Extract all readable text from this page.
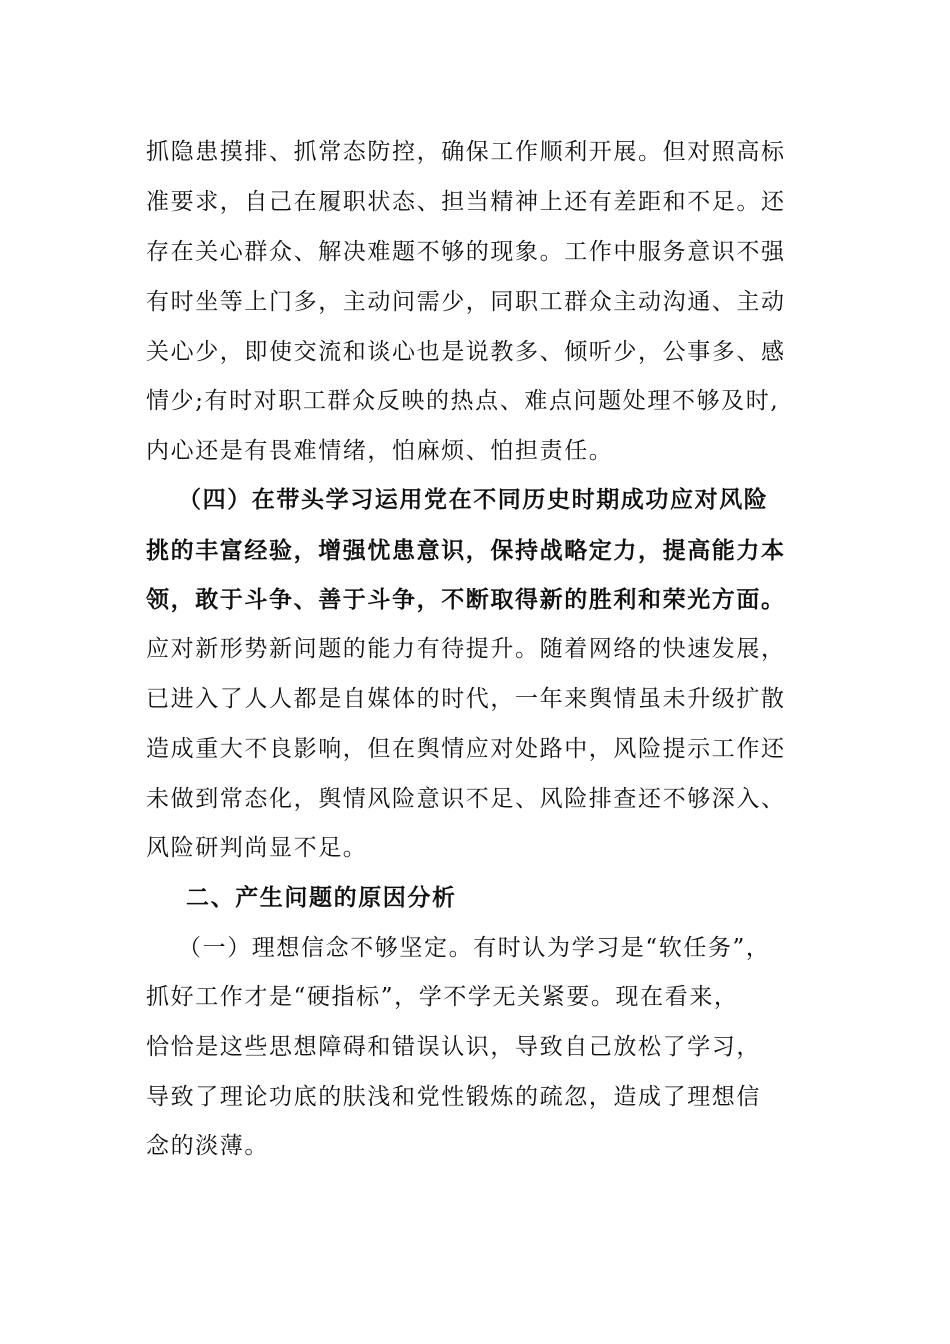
抓隐患摸排、抓常态防控，确保工作顺利开展。但对照高标
准要求，自己在履职状态、担当精神上还有差距和不足。还
存在关心群众、解决难题不够的现象。工作中服务意识不强
有时坐等上门多，主动问需少，同职工群众主动沟通、主动
关心少，即使交流和谈心也是说教多、倾听少，公事多、感
情少;有时对职工群众反映的热点、难点问题处理不够及时,
内心还是有畏难情绪，怕麻烦、怕担责任。
（四）在带头学习运用党在不同历史时期成功应对风险
挑的丰富经验，增强忧患意识，保持战略定力，提高能力本
领，敢于斗争、善于斗争，不断取得新的胜利和荣光方面。
应对新形势新问题的能力有待提升。随着网络的快速发展，
已进入了人人都是自媒体的时代，一年来舆情虽未升级扩散
造成重大不良影响，但在舆情应对处路中，风险提示工作还
未做到常态化，舆情风险意识不足、风险排查还不够深入、
风险研判尚显不足。
二、产生问题的原因分析
（一）理想信念不够坚定。有时认为学习是“软任务”，
抓好工作才是“硬指标”，学不学无关紧要。现在看来，
恰恰是这些思想障碍和错误认识，导致自己放松了学习，
导致了理论功底的肤浅和党性锻炼的疏忽，造成了理想信
念的淡薄。
